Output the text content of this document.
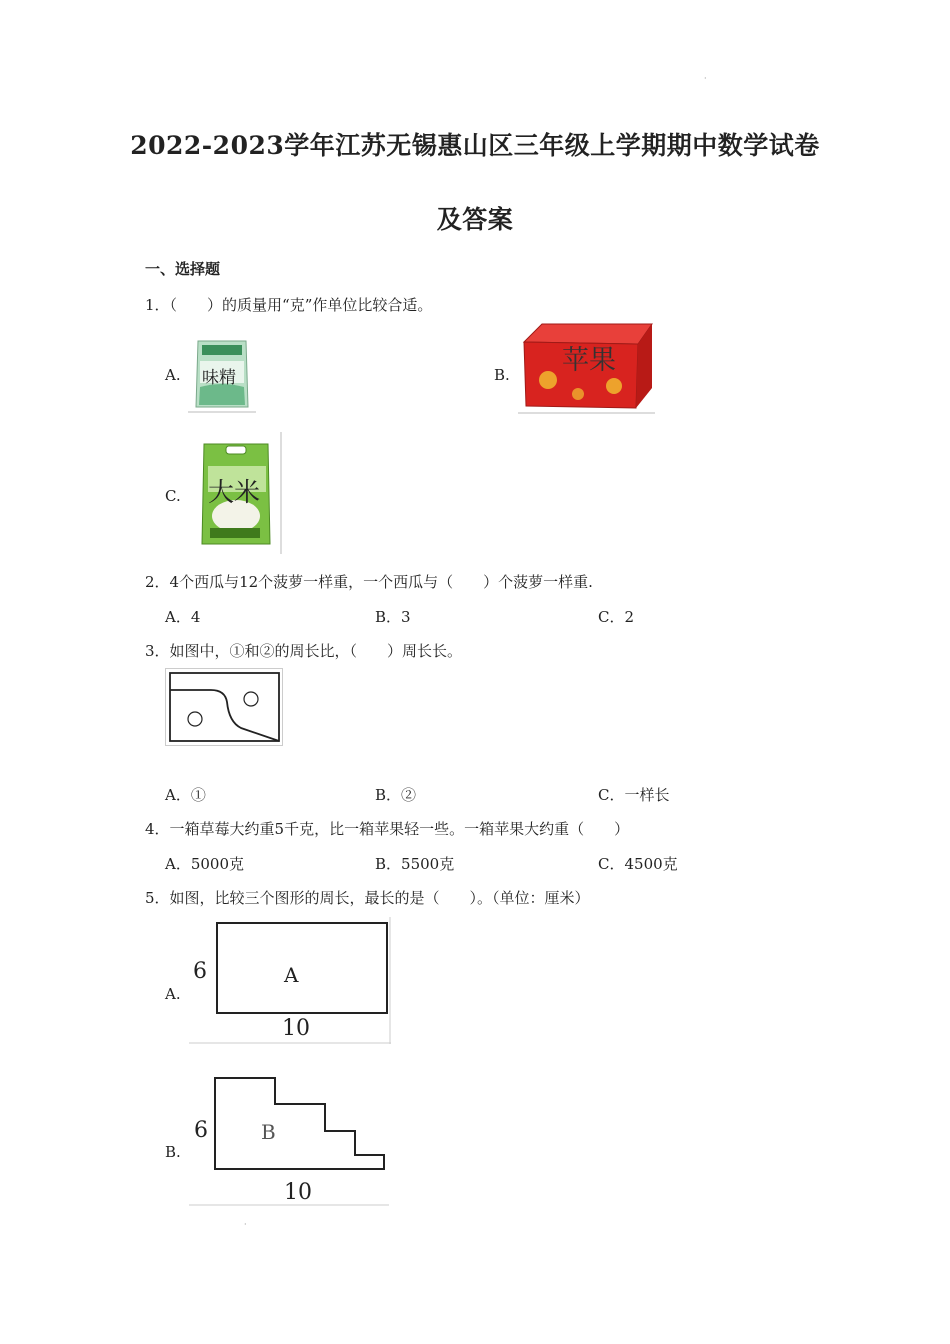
·
2022-2023学年江苏无锡惠山区三年级上学期期中数学试卷
及答案
一、选择题
1．（　　）的质量用“克”作单位比较合适。
A. 味精	B. 苹果
C. 大米
2．4个西瓜与12个菠萝一样重，一个西瓜与（　　）个菠萝一样重.
A．4	B．3	C．2
3．如图中，①和②的周长比，（　　）周长长。
A．①	B．②	C．一样长
4．一箱草莓大约重5千克，比一箱苹果轻一些。一箱苹果大约重（　　）
A．5000克	B．5500克	C．4500克
5．如图，比较三个图形的周长，最长的是（　　）。（单位：厘米）
A.
6
10
A
B.
6
10
B
·
